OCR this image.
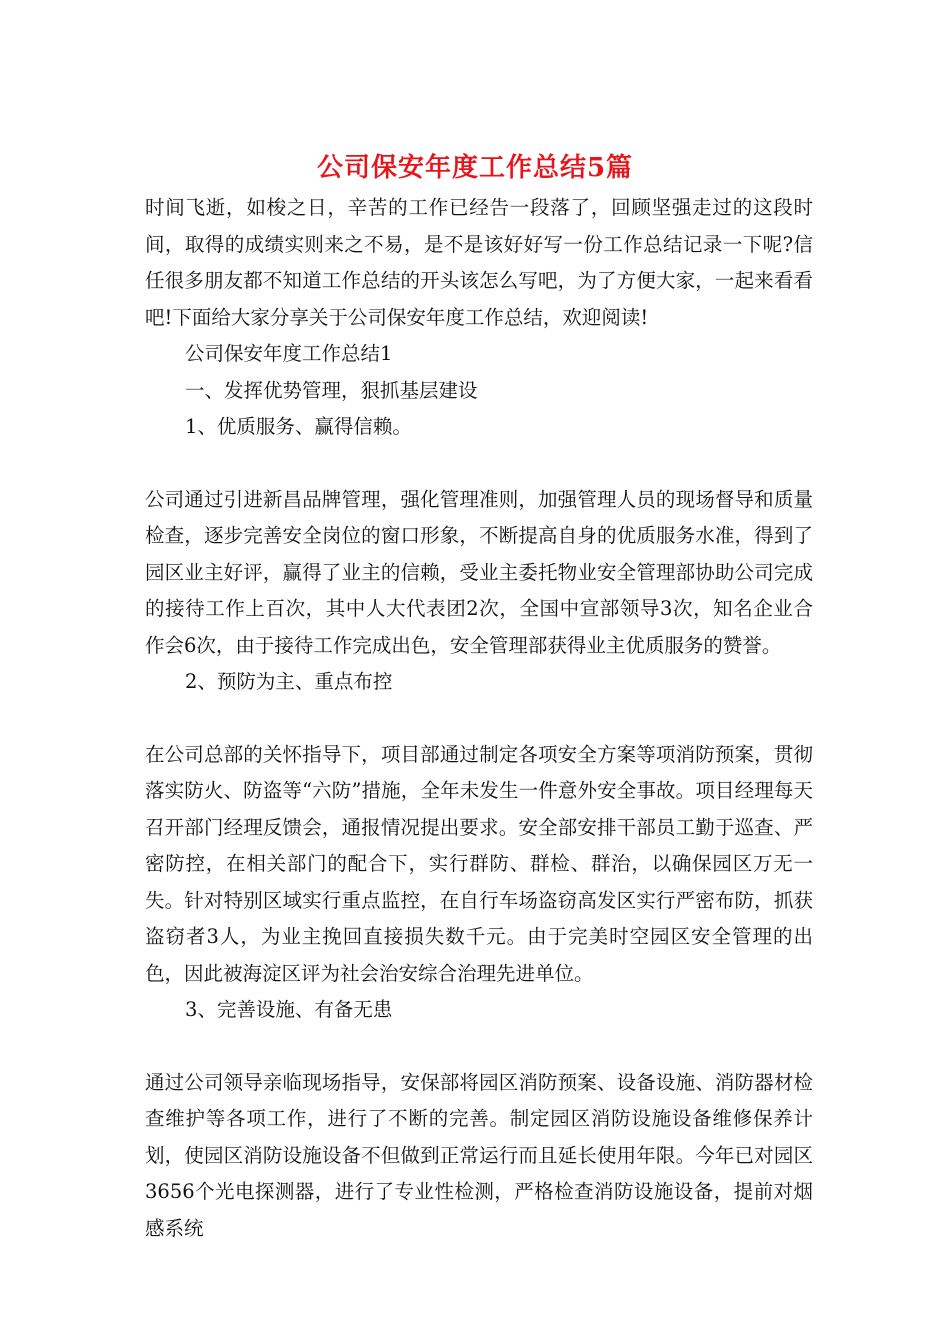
公司保安年度工作总结5篇

时间飞逝，如梭之日，辛苦的工作已经告一段落了，回顾坚强走过的这段时间，取得的成绩实则来之不易，是不是该好好写一份工作总结记录一下呢?信任很多朋友都不知道工作总结的开头该怎么写吧，为了方便大家，一起来看看吧!下面给大家分享关于公司保安年度工作总结，欢迎阅读!

公司保安年度工作总结1

一、发挥优势管理，狠抓基层建设

1、优质服务、赢得信赖。

公司通过引进新昌品牌管理，强化管理准则，加强管理人员的现场督导和质量检查，逐步完善安全岗位的窗口形象，不断提高自身的优质服务水准，得到了园区业主好评，赢得了业主的信赖，受业主委托物业安全管理部协助公司完成的接待工作上百次，其中人大代表团2次，全国中宣部领导3次，知名企业合作会6次，由于接待工作完成出色，安全管理部获得业主优质服务的赞誉。

2、预防为主、重点布控

在公司总部的关怀指导下，项目部通过制定各项安全方案等项消防预案，贯彻落实防火、防盗等“六防”措施，全年未发生一件意外安全事故。项目经理每天召开部门经理反馈会，通报情况提出要求。安全部安排干部员工勤于巡查、严密防控，在相关部门的配合下，实行群防、群检、群治，以确保园区万无一失。针对特别区域实行重点监控，在自行车场盗窃高发区实行严密布防，抓获盗窃者3人，为业主挽回直接损失数千元。由于完美时空园区安全管理的出色，因此被海淀区评为社会治安综合治理先进单位。

3、完善设施、有备无患

通过公司领导亲临现场指导，安保部将园区消防预案、设备设施、消防器材检查维护等各项工作，进行了不断的完善。制定园区消防设施设备维修保养计划，使园区消防设施设备不但做到正常运行而且延长使用年限。今年已对园区3656个光电探测器，进行了专业性检测，严格检查消防设施设备，提前对烟感系统
